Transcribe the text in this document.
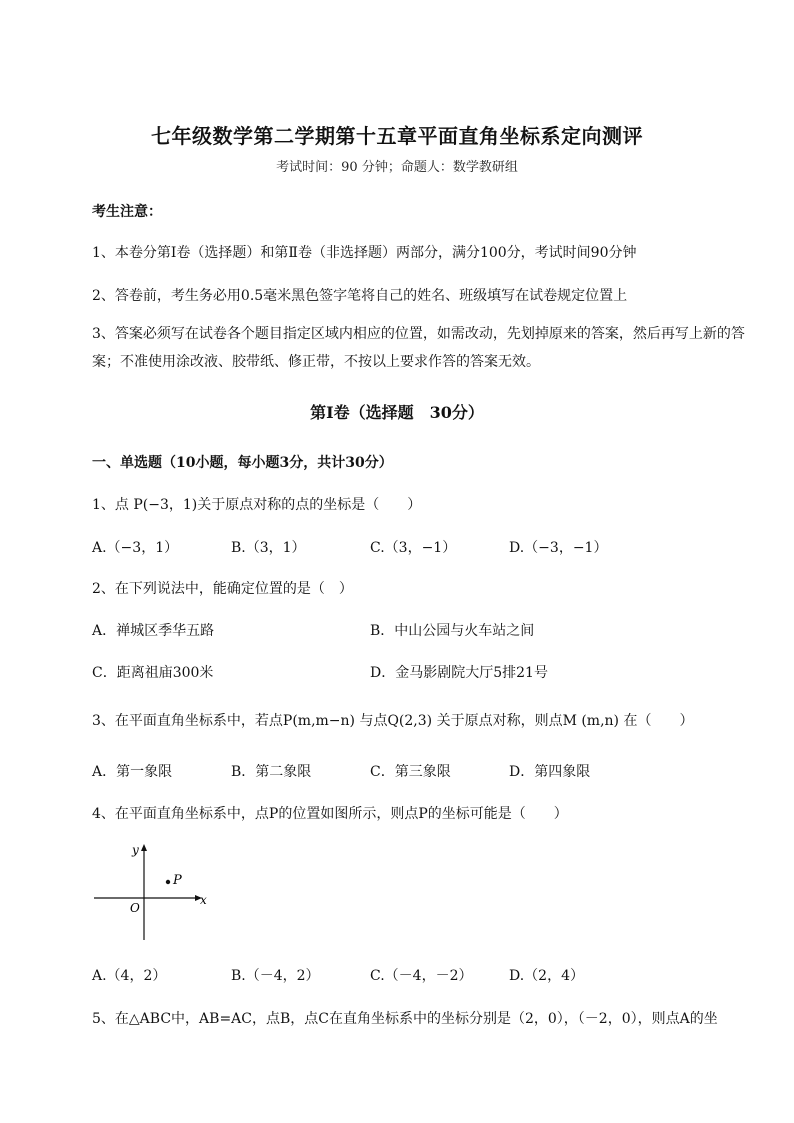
七年级数学第二学期第十五章平面直角坐标系定向测评
考试时间：90 分钟；命题人：数学教研组
考生注意：
1、本卷分第Ⅰ卷（选择题）和第Ⅱ卷（非选择题）两部分，满分100分，考试时间90分钟
2、答卷前，考生务必用0.5毫米黑色签字笔将自己的姓名、班级填写在试卷规定位置上
3、答案必须写在试卷各个题目指定区域内相应的位置，如需改动，先划掉原来的答案，然后再写上新的答案；不准使用涂改液、胶带纸、修正带，不按以上要求作答的答案无效。
第Ⅰ卷（选择题　30分）
一、单选题（10小题，每小题3分，共计30分）
1、点 P(−3，1)关于原点对称的点的坐标是（　　）
A.（−3，1）	B.（3，1）	C.（3，−1）	D.（−3，−1）
2、在下列说法中，能确定位置的是（　）
A．禅城区季华五路	B．中山公园与火车站之间
C．距离祖庙300米	D．金马影剧院大厅5排21号
3、在平面直角坐标系中，若点P(m,m−n) 与点Q(2,3) 关于原点对称，则点M (m,n) 在（　　）
A．第一象限	B．第二象限	C．第三象限	D．第四象限
4、在平面直角坐标系中，点P的位置如图所示，则点P的坐标可能是（　　）
x
y
O
P
A.（4，2）	B.（－4，2）	C.（－4，－2）	D.（2，4）
5、在△ABC中，AB=AC，点B，点C在直角坐标系中的坐标分别是（2，0），（－2，0），则点A的坐
